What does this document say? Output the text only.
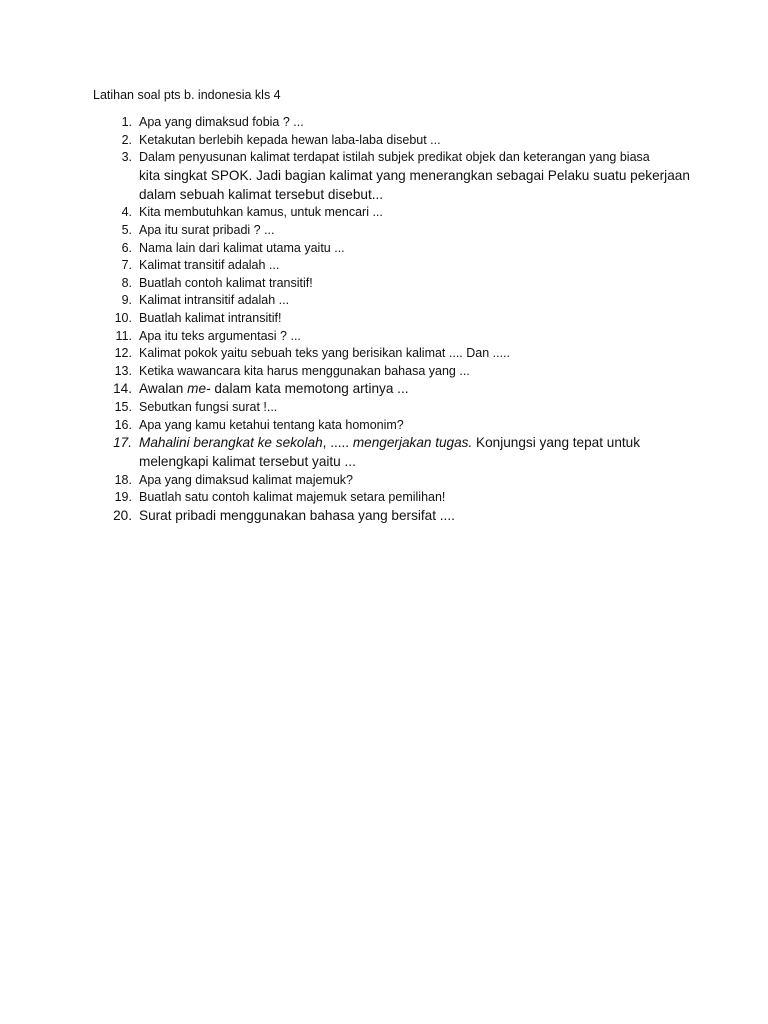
Latihan soal pts b. indonesia kls 4
1. Apa yang dimaksud fobia ? ...
2. Ketakutan berlebih kepada hewan laba-laba disebut ...
3. Dalam penyusunan kalimat terdapat istilah subjek predikat objek dan keterangan yang biasa
kita singkat SPOK. Jadi bagian kalimat yang menerangkan sebagai Pelaku suatu pekerjaan
dalam sebuah kalimat tersebut disebut...
4. Kita membutuhkan kamus, untuk mencari ...
5. Apa itu surat pribadi ? ...
6. Nama lain dari kalimat utama yaitu ...
7. Kalimat transitif adalah ...
8. Buatlah contoh kalimat transitif!
9. Kalimat intransitif adalah ...
10. Buatlah kalimat intransitif!
11. Apa itu teks argumentasi ? ...
12. Kalimat pokok yaitu sebuah teks yang berisikan kalimat .... Dan .....
13. Ketika wawancara kita harus menggunakan bahasa yang ...
14. Awalan me- dalam kata memotong artinya ...
15. Sebutkan fungsi surat !...
16. Apa yang kamu ketahui tentang kata homonim?
17. Mahalini berangkat ke sekolah, ..... mengerjakan tugas. Konjungsi yang tepat untuk
melengkapi kalimat tersebut yaitu ...
18. Apa yang dimaksud kalimat majemuk?
19. Buatlah satu contoh kalimat majemuk setara pemilihan!
20. Surat pribadi menggunakan bahasa yang bersifat ....
